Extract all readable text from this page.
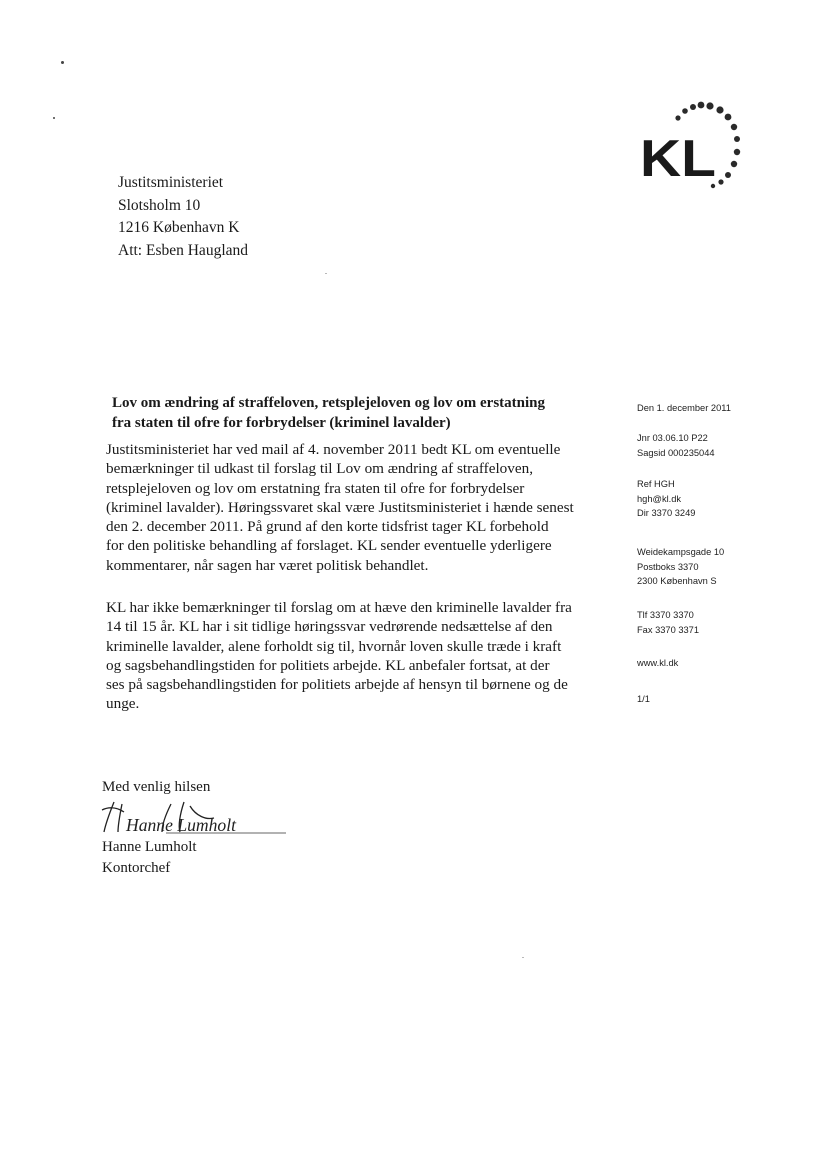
Justitsministeriet
Slotsholm 10
1216 København K
Att: Esben Haugland
KL
Lov om ændring af straffeloven, retsplejeloven og lov om erstatning
fra staten til ofre for forbrydelser (kriminel lavalder)
Justitsministeriet har ved mail af 4. november 2011 bedt KL om eventuelle
bemærkninger til udkast til forslag til Lov om ændring af straffeloven,
retsplejeloven og lov om erstatning fra staten til ofre for forbrydelser
(kriminel lavalder). Høringssvaret skal være Justitsministeriet i hænde senest
den 2. december 2011. På grund af den korte tidsfrist tager KL forbehold
for den politiske behandling af forslaget. KL sender eventuelle yderligere
kommentarer, når sagen har været politisk behandlet.
KL har ikke bemærkninger til forslag om at hæve den kriminelle lavalder fra
14 til 15 år. KL har i sit tidlige høringssvar vedrørende nedsættelse af den
kriminelle lavalder, alene forholdt sig til, hvornår loven skulle træde i kraft
og sagsbehandlingstiden for politiets arbejde. KL anbefaler fortsat, at der
ses på sagsbehandlingstiden for politiets arbejde af hensyn til børnene og de
unge.
Den 1. december 2011
Jnr 03.06.10 P22
Sagsid 000235044
Ref HGH
hgh@kl.dk
Dir 3370 3249
Weidekampsgade 10
Postboks 3370
2300 København S
Tlf 3370 3370
Fax 3370 3371
www.kl.dk
1/1
Med venlig hilsen
Hanne Lumholt
Hanne Lumholt
Kontorchef
